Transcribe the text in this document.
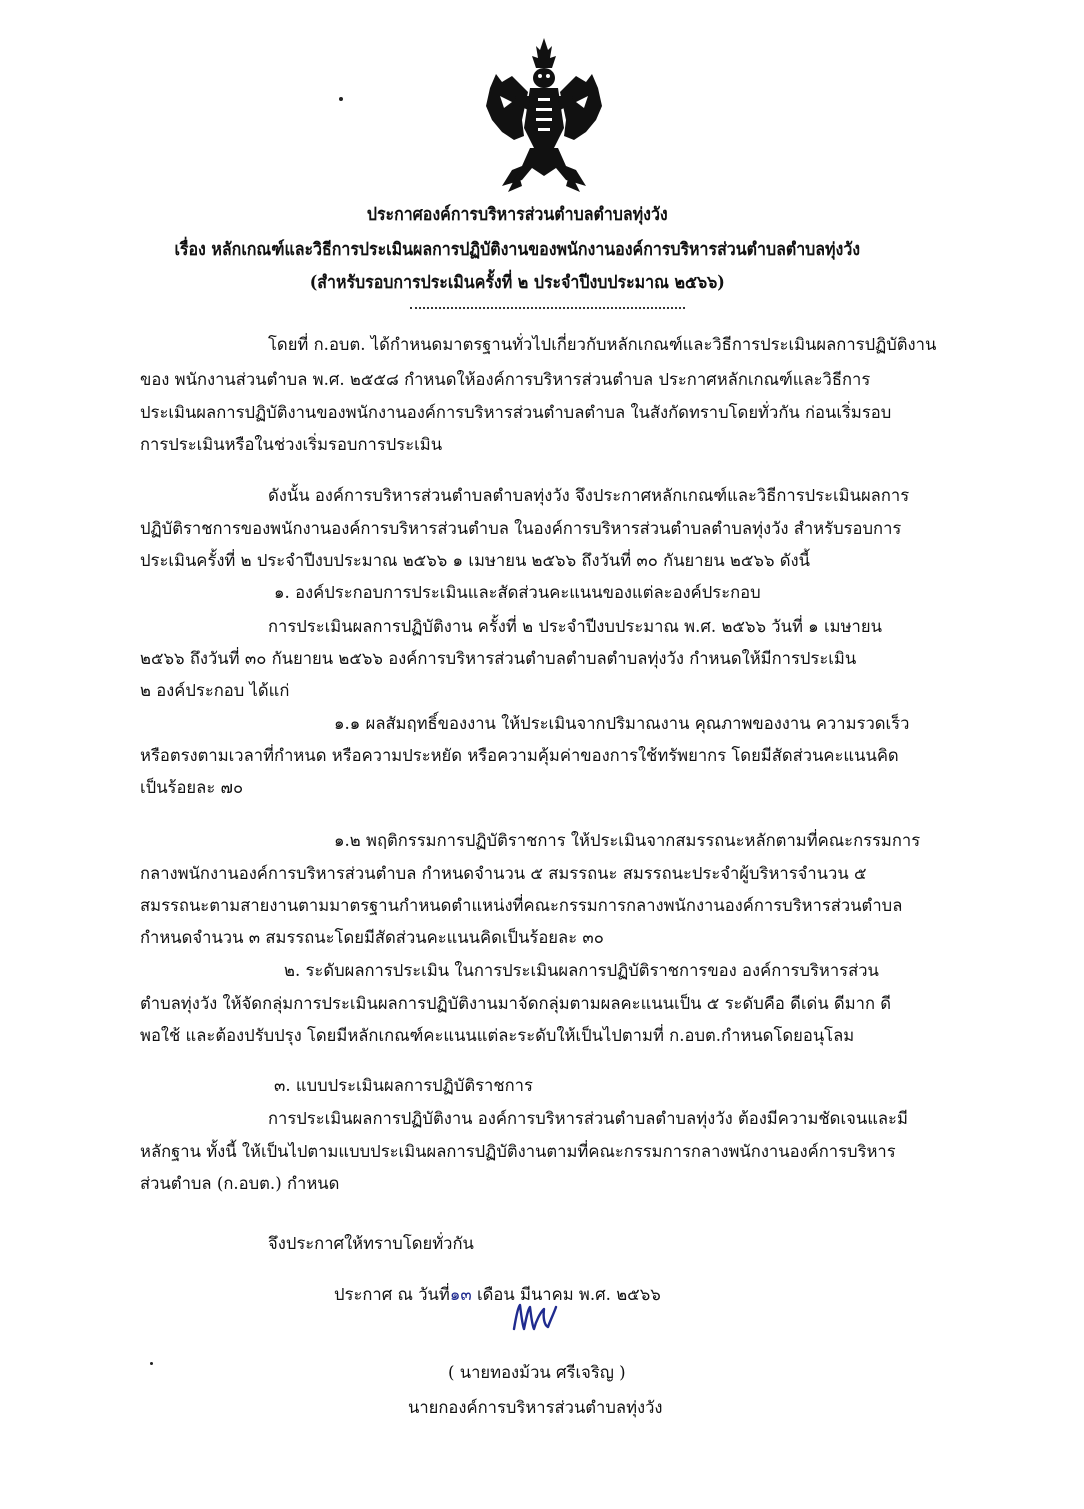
ประกาศองค์การบริหารส่วนตำบลตำบลทุ่งวัง
เรื่อง หลักเกณฑ์และวิธีการประเมินผลการปฏิบัติงานของพนักงานองค์การบริหารส่วนตำบลตำบลทุ่งวัง
(สำหรับรอบการประเมินครั้งที่ ๒ ประจำปีงบประมาณ ๒๕๖๖)
โดยที่ ก.อบต. ได้กำหนดมาตรฐานทั่วไปเกี่ยวกับหลักเกณฑ์และวิธีการประเมินผลการปฏิบัติงาน
ของ พนักงานส่วนตำบล พ.ศ. ๒๕๕๘ กำหนดให้องค์การบริหารส่วนตำบล ประกาศหลักเกณฑ์และวิธีการ
ประเมินผลการปฏิบัติงานของพนักงานองค์การบริหารส่วนตำบลตำบล ในสังกัดทราบโดยทั่วกัน ก่อนเริ่มรอบ
การประเมินหรือในช่วงเริ่มรอบการประเมิน
ดังนั้น องค์การบริหารส่วนตำบลตำบลทุ่งวัง จึงประกาศหลักเกณฑ์และวิธีการประเมินผลการ
ปฏิบัติราชการของพนักงานองค์การบริหารส่วนตำบล ในองค์การบริหารส่วนตำบลตำบลทุ่งวัง สำหรับรอบการ
ประเมินครั้งที่ ๒ ประจำปีงบประมาณ ๒๕๖๖ ๑ เมษายน ๒๕๖๖ ถึงวันที่ ๓๐ กันยายน ๒๕๖๖ ดังนี้
๑. องค์ประกอบการประเมินและสัดส่วนคะแนนของแต่ละองค์ประกอบ
การประเมินผลการปฏิบัติงาน ครั้งที่ ๒ ประจำปีงบประมาณ พ.ศ. ๒๕๖๖ วันที่ ๑ เมษายน
๒๕๖๖ ถึงวันที่ ๓๐ กันยายน ๒๕๖๖ องค์การบริหารส่วนตำบลตำบลตำบลทุ่งวัง กำหนดให้มีการประเมิน
๒ องค์ประกอบ ได้แก่
๑.๑ ผลสัมฤทธิ์ของงาน ให้ประเมินจากปริมาณงาน คุณภาพของงาน ความรวดเร็ว
หรือตรงตามเวลาที่กำหนด หรือความประหยัด หรือความคุ้มค่าของการใช้ทรัพยากร โดยมีสัดส่วนคะแนนคิด
เป็นร้อยละ ๗๐
๑.๒ พฤติกรรมการปฏิบัติราชการ ให้ประเมินจากสมรรถนะหลักตามที่คณะกรรมการ
กลางพนักงานองค์การบริหารส่วนตำบล กำหนดจำนวน ๕ สมรรถนะ สมรรถนะประจำผู้บริหารจำนวน ๕
สมรรถนะตามสายงานตามมาตรฐานกำหนดตำแหน่งที่คณะกรรมการกลางพนักงานองค์การบริหารส่วนตำบล
กำหนดจำนวน ๓ สมรรถนะโดยมีสัดส่วนคะแนนคิดเป็นร้อยละ ๓๐
๒. ระดับผลการประเมิน ในการประเมินผลการปฏิบัติราชการของ องค์การบริหารส่วน
ตำบลทุ่งวัง ให้จัดกลุ่มการประเมินผลการปฏิบัติงานมาจัดกลุ่มตามผลคะแนนเป็น ๕ ระดับคือ ดีเด่น ดีมาก ดี
พอใช้ และต้องปรับปรุง โดยมีหลักเกณฑ์คะแนนแต่ละระดับให้เป็นไปตามที่ ก.อบต.กำหนดโดยอนุโลม
๓. แบบประเมินผลการปฏิบัติราชการ
การประเมินผลการปฏิบัติงาน องค์การบริหารส่วนตำบลตำบลทุ่งวัง ต้องมีความชัดเจนและมี
หลักฐาน ทั้งนี้ ให้เป็นไปตามแบบประเมินผลการปฏิบัติงานตามที่คณะกรรมการกลางพนักงานองค์การบริหาร
ส่วนตำบล (ก.อบต.) กำหนด
จึงประกาศให้ทราบโดยทั่วกัน
ประกาศ ณ วันที่๑๓ เดือน มีนาคม พ.ศ. ๒๕๖๖
( นายทองม้วน ศรีเจริญ )
นายกองค์การบริหารส่วนตำบลทุ่งวัง
